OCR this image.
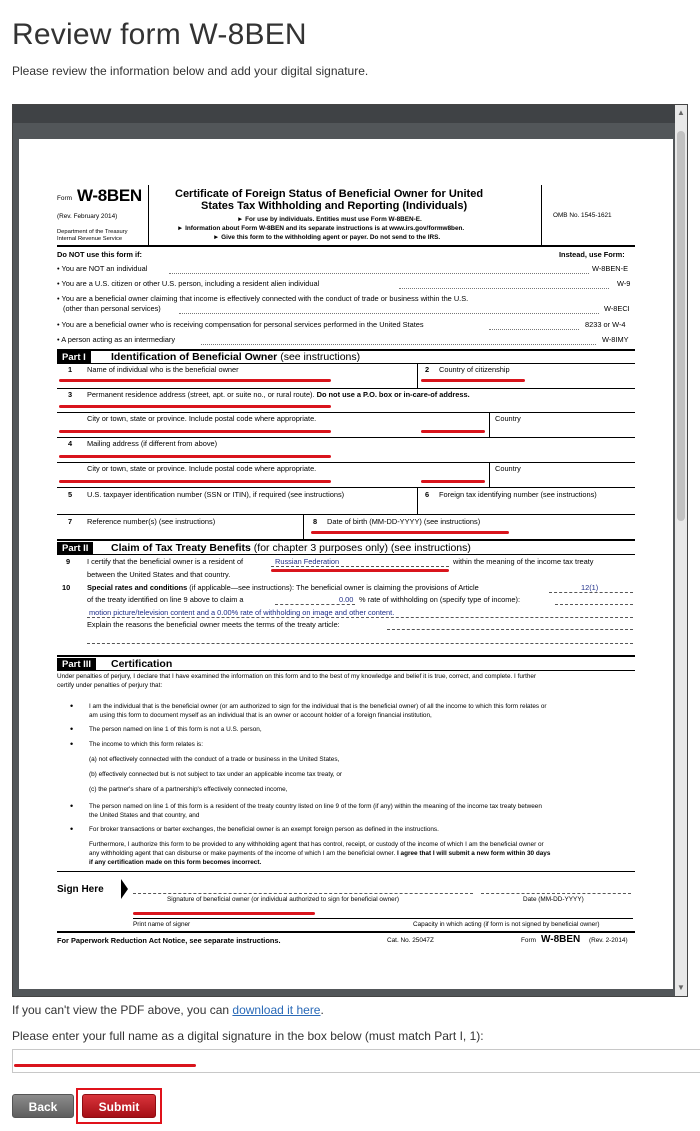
Review form W-8BEN

Please review the information below and add your digital signature.

▲
▼
Form W-8BEN
(Rev. February 2014)
Department of the Treasury
Internal Revenue Service
Certificate of Foreign Status of Beneficial Owner for United
States Tax Withholding and Reporting (Individuals)
► For use by individuals. Entities must use Form W-8BEN-E.
► Information about Form W-8BEN and its separate instructions is at www.irs.gov/formw8ben.
► Give this form to the withholding agent or payer. Do not send to the IRS.
OMB No. 1545-1621
Do NOT use this form if:	Instead, use Form:
• You are NOT an individual	W-8BEN-E
• You are a U.S. citizen or other U.S. person, including a resident alien individual	W-9
• You are a beneficial owner claiming that income is effectively connected with the conduct of trade or business within the U.S.
(other than personal services)	W-8ECI
• You are a beneficial owner who is receiving compensation for personal services performed in the United States	8233 or W-4
• A person acting as an intermediary	W-8IMY
Part I	Identification of Beneficial Owner (see instructions)
1 Name of individual who is the beneficial owner	2 Country of citizenship
3 Permanent residence address (street, apt. or suite no., or rural route). Do not use a P.O. box or in-care-of address.
City or town, state or province. Include postal code where appropriate.	Country
4 Mailing address (if different from above)
City or town, state or province. Include postal code where appropriate.	Country
5 U.S. taxpayer identification number (SSN or ITIN), if required (see instructions)	6 Foreign tax identifying number (see instructions)
7 Reference number(s) (see instructions)	8 Date of birth (MM-DD-YYYY) (see instructions)
Part II	Claim of Tax Treaty Benefits (for chapter 3 purposes only) (see instructions)
9 I certify that the beneficial owner is a resident of	Russian Federation	within the meaning of the income tax treaty
between the United States and that country.
10 Special rates and conditions (if applicable—see instructions): The beneficial owner is claiming the provisions of Article	12(1)
of the treaty identified on line 9 above to claim a	0.00 % rate of withholding on (specify type of income):
motion picture/television content and a 0.00% rate of withholding on image and other content.
Explain the reasons the beneficial owner meets the terms of the treaty article:
Part III	Certification
Under penalties of perjury, I declare that I have examined the information on this form and to the best of my knowledge and belief it is true, correct, and complete. I further
certify under penalties of perjury that:
• I am the individual that is the beneficial owner (or am authorized to sign for the individual that is the beneficial owner) of all the income to which this form relates or
am using this form to document myself as an individual that is an owner or account holder of a foreign financial institution,
• The person named on line 1 of this form is not a U.S. person,
• The income to which this form relates is:
(a) not effectively connected with the conduct of a trade or business in the United States,
(b) effectively connected but is not subject to tax under an applicable income tax treaty, or
(c) the partner's share of a partnership's effectively connected income,
• The person named on line 1 of this form is a resident of the treaty country listed on line 9 of the form (if any) within the meaning of the income tax treaty between
the United States and that country, and
• For broker transactions or barter exchanges, the beneficial owner is an exempt foreign person as defined in the instructions.
Furthermore, I authorize this form to be provided to any withholding agent that has control, receipt, or custody of the income of which I am the beneficial owner or
any withholding agent that can disburse or make payments of the income of which I am the beneficial owner. I agree that I will submit a new form within 30 days
if any certification made on this form becomes incorrect.
Sign Here
Signature of beneficial owner (or individual authorized to sign for beneficial owner)	Date (MM-DD-YYYY)
Print name of signer	Capacity in which acting (if form is not signed by beneficial owner)
For Paperwork Reduction Act Notice, see separate instructions.	Cat. No. 25047Z	Form W-8BEN (Rev. 2-2014)

If you can't view the PDF above, you can download it here.

Please enter your full name as a digital signature in the box below (must match Part I, 1):

Back	Submit
